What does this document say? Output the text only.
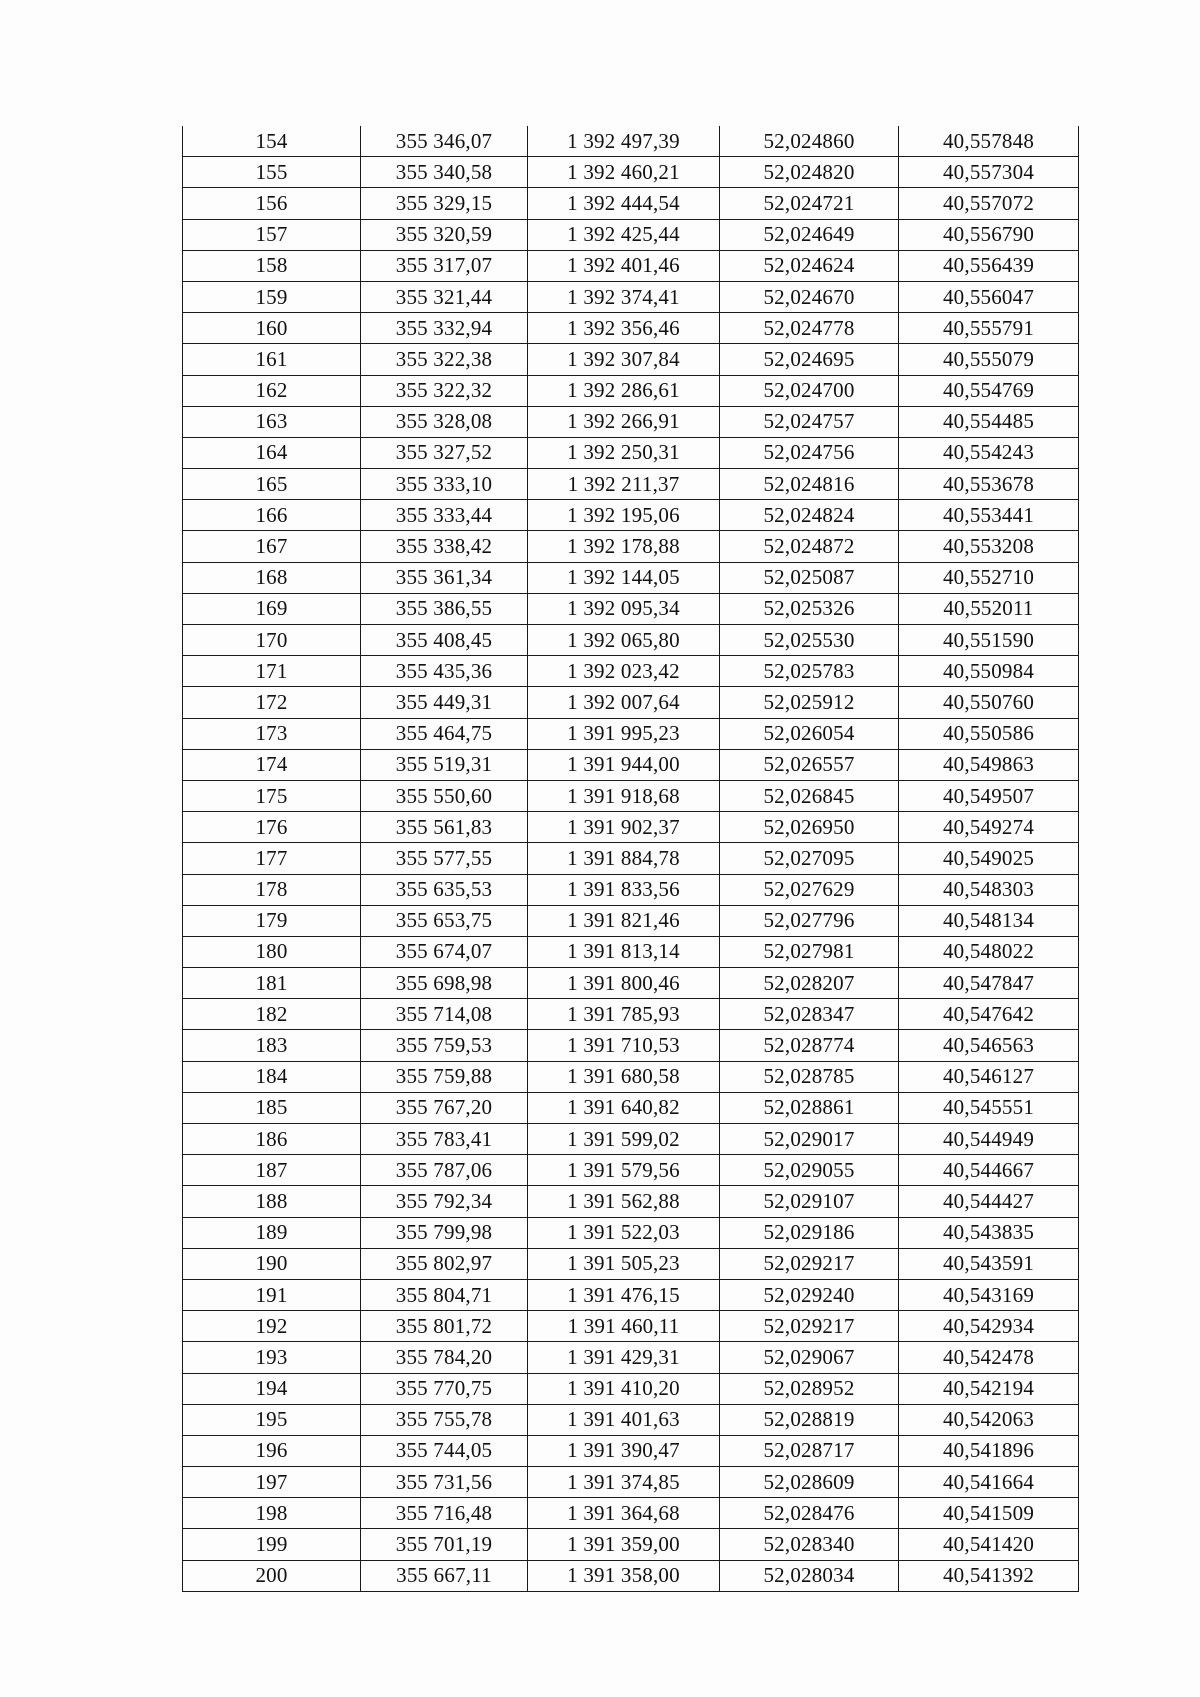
154	355 346,07	1 392 497,39	52,024860	40,557848
155	355 340,58	1 392 460,21	52,024820	40,557304
156	355 329,15	1 392 444,54	52,024721	40,557072
157	355 320,59	1 392 425,44	52,024649	40,556790
158	355 317,07	1 392 401,46	52,024624	40,556439
159	355 321,44	1 392 374,41	52,024670	40,556047
160	355 332,94	1 392 356,46	52,024778	40,555791
161	355 322,38	1 392 307,84	52,024695	40,555079
162	355 322,32	1 392 286,61	52,024700	40,554769
163	355 328,08	1 392 266,91	52,024757	40,554485
164	355 327,52	1 392 250,31	52,024756	40,554243
165	355 333,10	1 392 211,37	52,024816	40,553678
166	355 333,44	1 392 195,06	52,024824	40,553441
167	355 338,42	1 392 178,88	52,024872	40,553208
168	355 361,34	1 392 144,05	52,025087	40,552710
169	355 386,55	1 392 095,34	52,025326	40,552011
170	355 408,45	1 392 065,80	52,025530	40,551590
171	355 435,36	1 392 023,42	52,025783	40,550984
172	355 449,31	1 392 007,64	52,025912	40,550760
173	355 464,75	1 391 995,23	52,026054	40,550586
174	355 519,31	1 391 944,00	52,026557	40,549863
175	355 550,60	1 391 918,68	52,026845	40,549507
176	355 561,83	1 391 902,37	52,026950	40,549274
177	355 577,55	1 391 884,78	52,027095	40,549025
178	355 635,53	1 391 833,56	52,027629	40,548303
179	355 653,75	1 391 821,46	52,027796	40,548134
180	355 674,07	1 391 813,14	52,027981	40,548022
181	355 698,98	1 391 800,46	52,028207	40,547847
182	355 714,08	1 391 785,93	52,028347	40,547642
183	355 759,53	1 391 710,53	52,028774	40,546563
184	355 759,88	1 391 680,58	52,028785	40,546127
185	355 767,20	1 391 640,82	52,028861	40,545551
186	355 783,41	1 391 599,02	52,029017	40,544949
187	355 787,06	1 391 579,56	52,029055	40,544667
188	355 792,34	1 391 562,88	52,029107	40,544427
189	355 799,98	1 391 522,03	52,029186	40,543835
190	355 802,97	1 391 505,23	52,029217	40,543591
191	355 804,71	1 391 476,15	52,029240	40,543169
192	355 801,72	1 391 460,11	52,029217	40,542934
193	355 784,20	1 391 429,31	52,029067	40,542478
194	355 770,75	1 391 410,20	52,028952	40,542194
195	355 755,78	1 391 401,63	52,028819	40,542063
196	355 744,05	1 391 390,47	52,028717	40,541896
197	355 731,56	1 391 374,85	52,028609	40,541664
198	355 716,48	1 391 364,68	52,028476	40,541509
199	355 701,19	1 391 359,00	52,028340	40,541420
200	355 667,11	1 391 358,00	52,028034	40,541392
